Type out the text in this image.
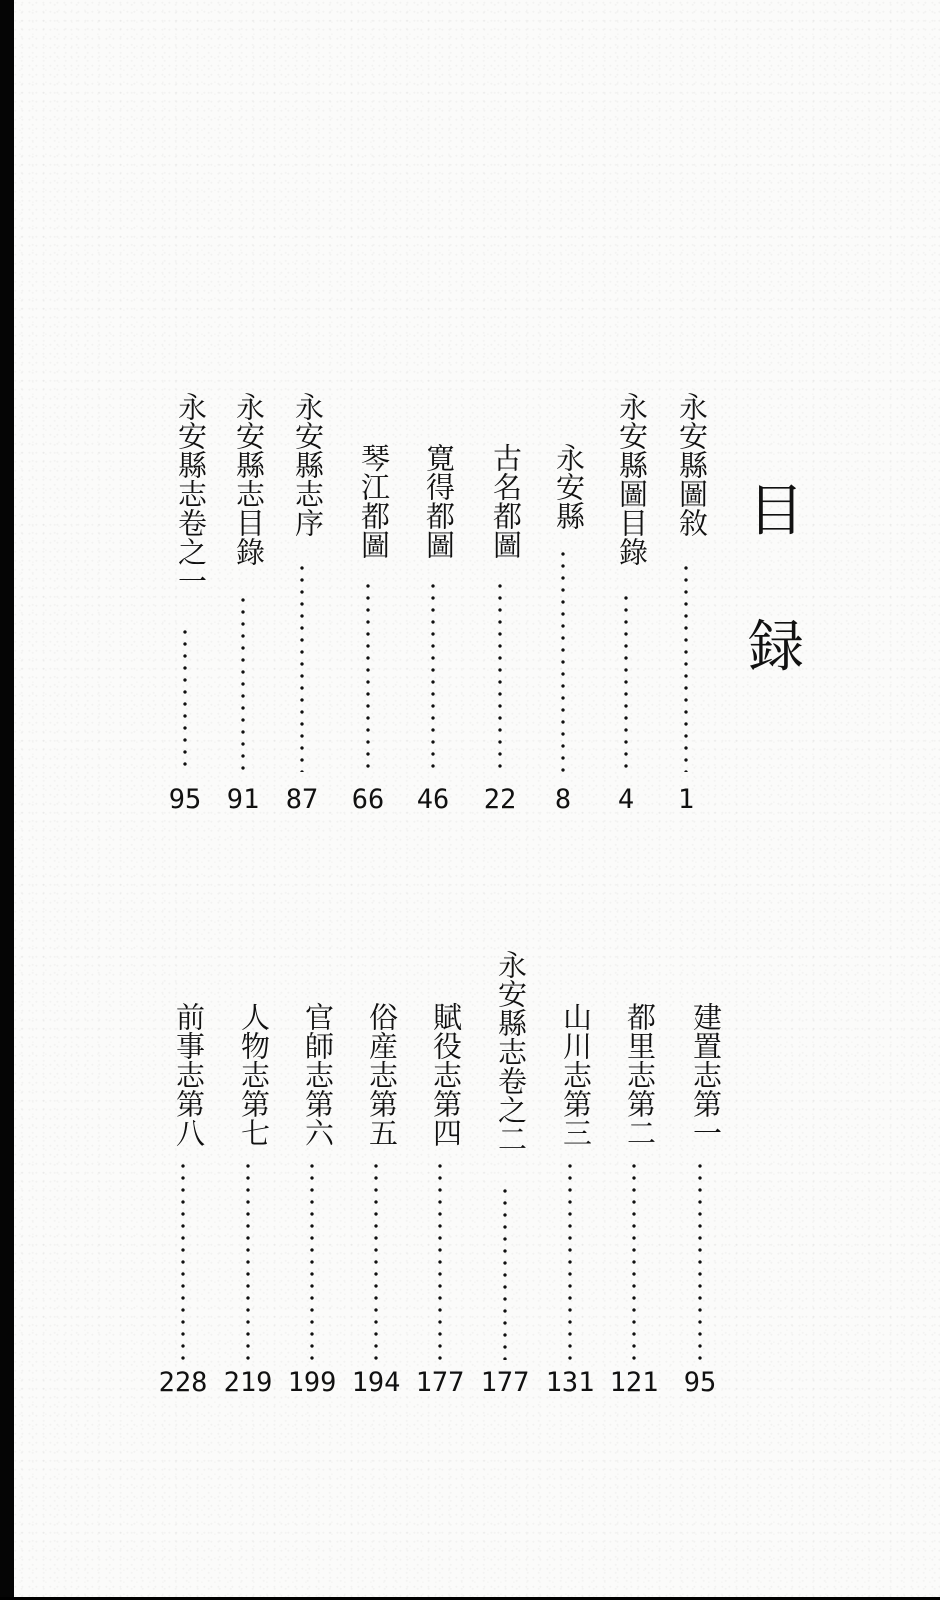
目
録
永安縣圖敘
1
永安縣圖目錄
4
永安縣
8
古名都圖
22
寛得都圖
46
琴江都圖
66
永安縣志序
87
永安縣志目錄
91
永安縣志卷之一
95
建置志第一
95
都里志第二
121
山川志第三
131
永安縣志卷之二
177
賦役志第四
177
俗産志第五
194
官師志第六
199
人物志第七
219
前事志第八
228
